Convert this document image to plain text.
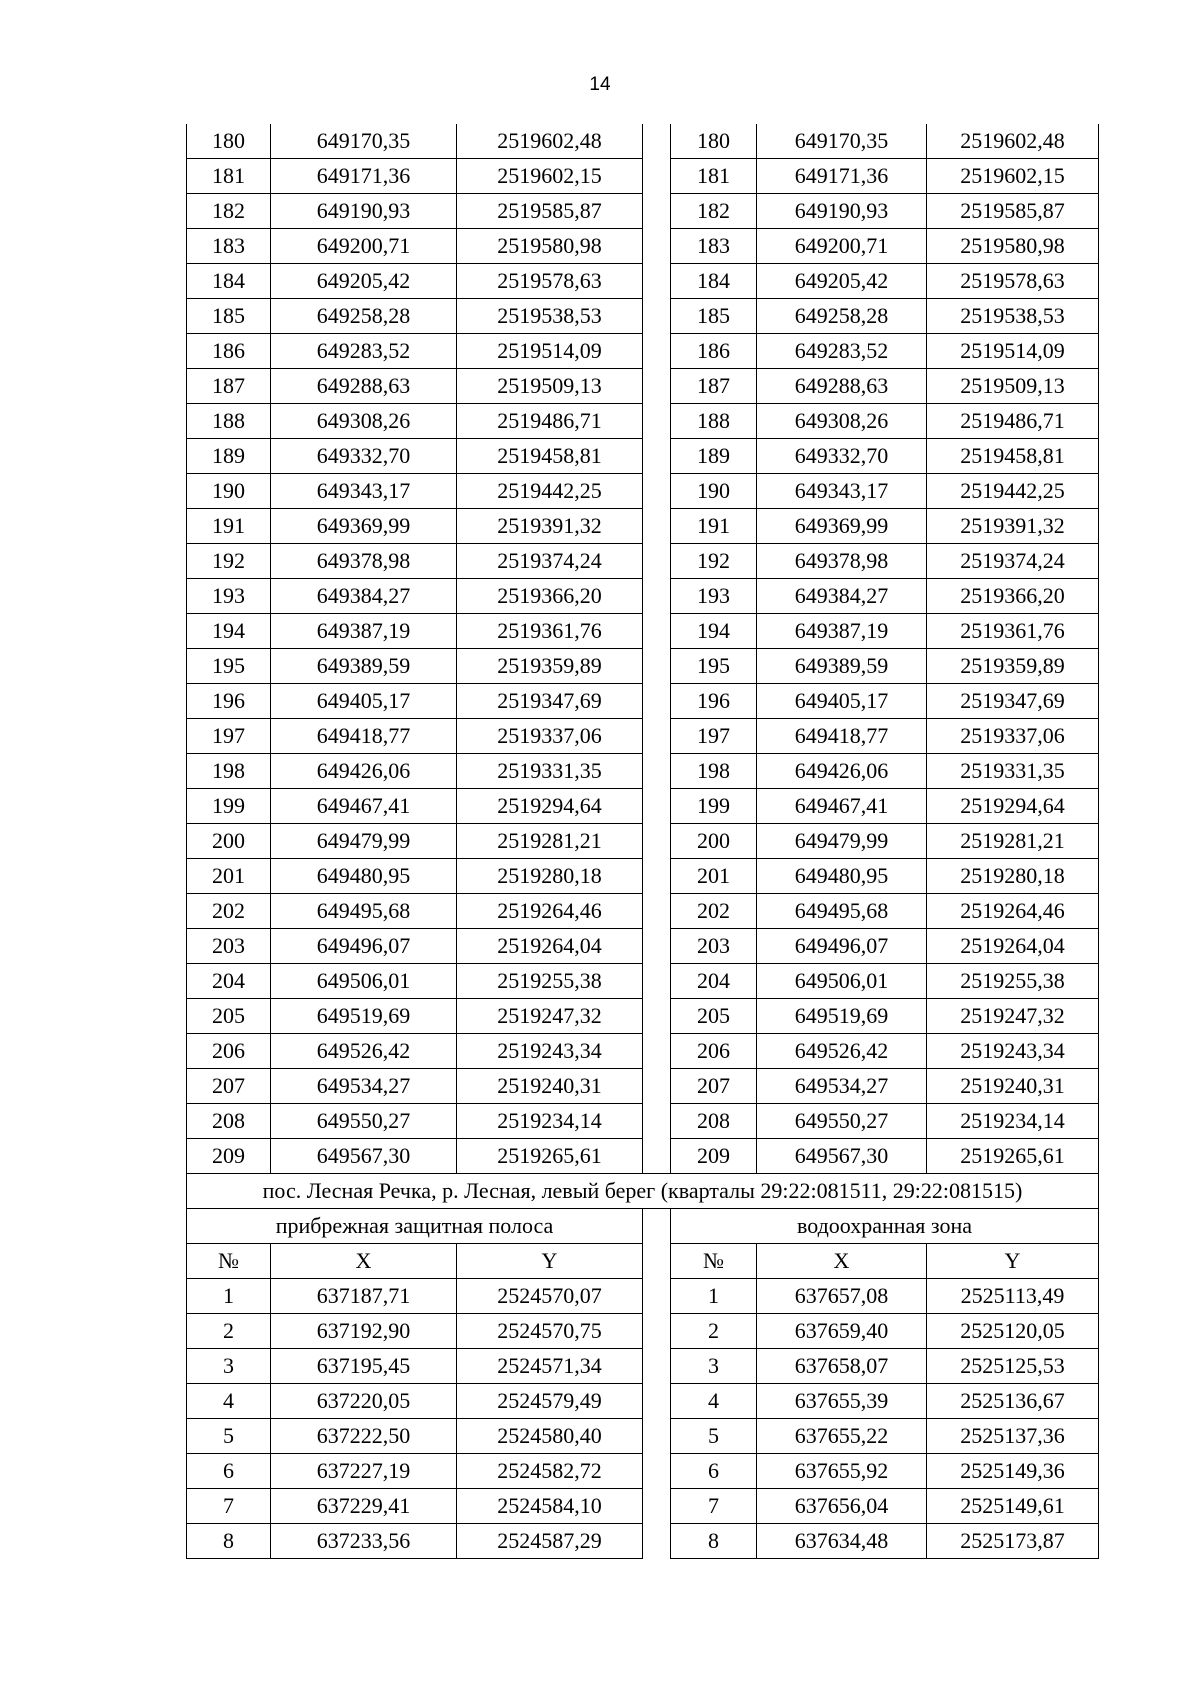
14
180	649170,35	2519602,48		180	649170,35	2519602,48
181	649171,36	2519602,15		181	649171,36	2519602,15
182	649190,93	2519585,87		182	649190,93	2519585,87
183	649200,71	2519580,98		183	649200,71	2519580,98
184	649205,42	2519578,63		184	649205,42	2519578,63
185	649258,28	2519538,53		185	649258,28	2519538,53
186	649283,52	2519514,09		186	649283,52	2519514,09
187	649288,63	2519509,13		187	649288,63	2519509,13
188	649308,26	2519486,71		188	649308,26	2519486,71
189	649332,70	2519458,81		189	649332,70	2519458,81
190	649343,17	2519442,25		190	649343,17	2519442,25
191	649369,99	2519391,32		191	649369,99	2519391,32
192	649378,98	2519374,24		192	649378,98	2519374,24
193	649384,27	2519366,20		193	649384,27	2519366,20
194	649387,19	2519361,76		194	649387,19	2519361,76
195	649389,59	2519359,89		195	649389,59	2519359,89
196	649405,17	2519347,69		196	649405,17	2519347,69
197	649418,77	2519337,06		197	649418,77	2519337,06
198	649426,06	2519331,35		198	649426,06	2519331,35
199	649467,41	2519294,64		199	649467,41	2519294,64
200	649479,99	2519281,21		200	649479,99	2519281,21
201	649480,95	2519280,18		201	649480,95	2519280,18
202	649495,68	2519264,46		202	649495,68	2519264,46
203	649496,07	2519264,04		203	649496,07	2519264,04
204	649506,01	2519255,38		204	649506,01	2519255,38
205	649519,69	2519247,32		205	649519,69	2519247,32
206	649526,42	2519243,34		206	649526,42	2519243,34
207	649534,27	2519240,31		207	649534,27	2519240,31
208	649550,27	2519234,14		208	649550,27	2519234,14
209	649567,30	2519265,61		209	649567,30	2519265,61
пос. Лесная Речка, р. Лесная, левый берег (кварталы 29:22:081511, 29:22:081515)						
прибрежная защитная полоса				водоохранная зона		
№	X	Y		№	X	Y
1	637187,71	2524570,07		1	637657,08	2525113,49
2	637192,90	2524570,75		2	637659,40	2525120,05
3	637195,45	2524571,34		3	637658,07	2525125,53
4	637220,05	2524579,49		4	637655,39	2525136,67
5	637222,50	2524580,40		5	637655,22	2525137,36
6	637227,19	2524582,72		6	637655,92	2525149,36
7	637229,41	2524584,10		7	637656,04	2525149,61
8	637233,56	2524587,29		8	637634,48	2525173,87
